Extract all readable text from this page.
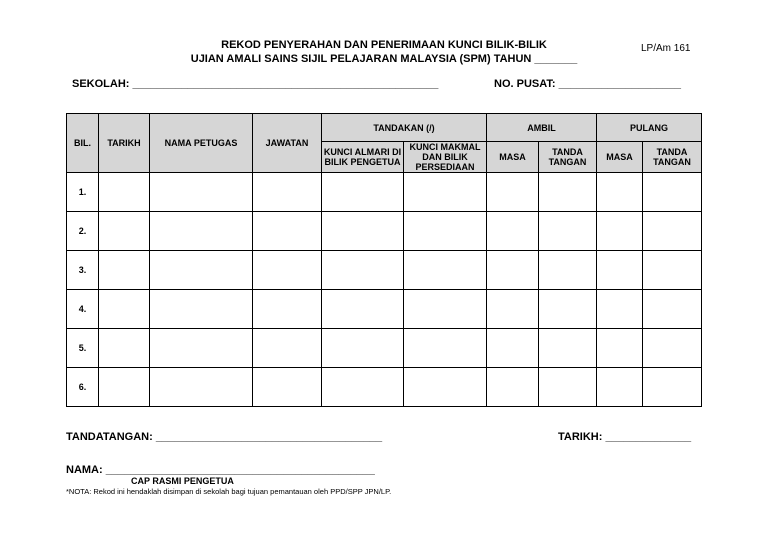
REKOD PENYERAHAN DAN PENERIMAAN KUNCI BILIK-BILIK
UJIAN AMALI SAINS SIJIL PELAJARAN MALAYSIA (SPM) TAHUN _______
LP/Am 161
SEKOLAH: __________________________________________________	NO. PUSAT: ____________________
BIL.	TARIKH	NAMA PETUGAS	JAWATAN	TANDAKAN (/)		AMBIL		PULANG	
				KUNCI ALMARI DI BILIK PENGETUA	KUNCI MAKMAL DAN BILIK PERSEDIAAN	MASA	TANDA TANGAN	MASA	TANDA TANGAN
1.									
2.									
3.									
4.									
5.									
6.									
TANDATANGAN: _____________________________________	TARIKH: ______________
NAMA: ____________________________________________
CAP RASMI PENGETUA
*NOTA: Rekod ini hendaklah disimpan di sekolah bagi tujuan pemantauan oleh PPD/SPP JPN/LP.
